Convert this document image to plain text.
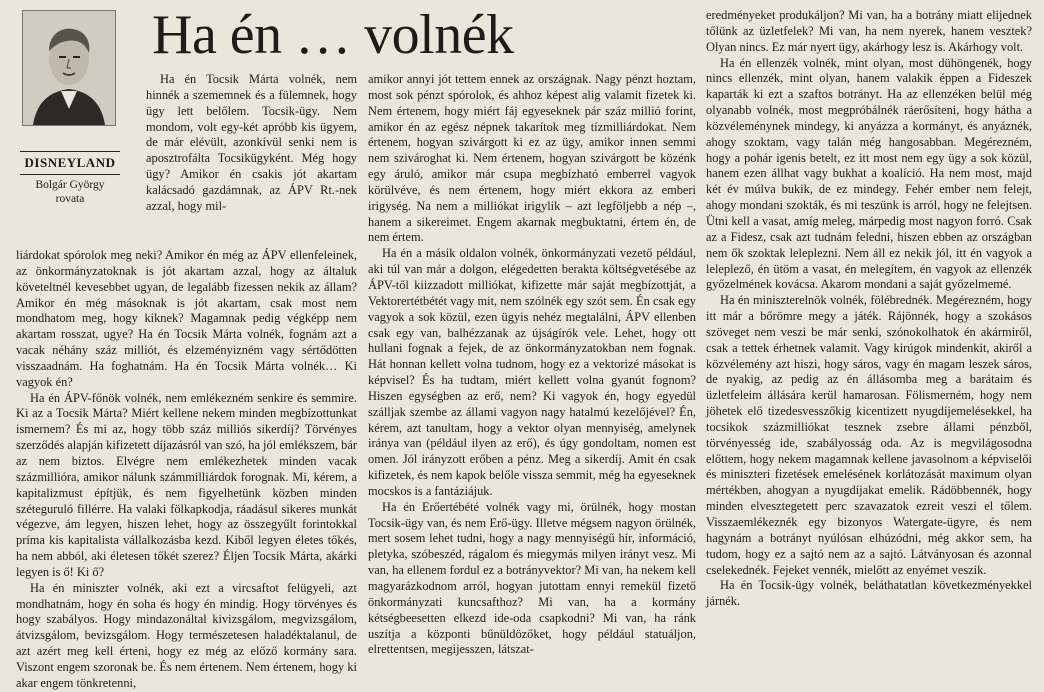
DISNEYLAND
Bolgár György
rovata
Ha én … volnék

Ha én Tocsik Márta volnék, nem hinnék a szememnek és a fülemnek, hogy ügy lett belőlem. Tocsik-ügy. Nem mondom, volt egy-két apróbb kis ügyem, de már elévült, azonkívül senki nem is aposztrofálta Tocsikügyként. Még hogy ügy? Amikor én csakis jót akartam kalácsadó gazdámnak, az ÁPV Rt.-nek azzal, hogy mil-

liárdokat spórolok meg neki? Amikor én még az ÁPV ellenfeleinek, az önkormányzatoknak is jót akartam azzal, hogy az általuk követeltnél kevesebbet ugyan, de legalább fizessen nekik az állam? Amikor én még másoknak is jót akartam, csak most nem mondhatom meg, hogy kiknek? Magamnak pedig végképp nem akartam rosszat, ugye? Ha én Tocsik Márta volnék, fognám azt a vacak néhány száz milliót, és elzeményizném vagy sértődötten visszaadnám. Ha foghatnám. Ha én Tocsik Márta volnék… Ki vagyok én?

Ha én ÁPV-főnök volnék, nem emlékezném senkire és semmire. Ki az a Tocsik Márta? Miért kellene nekem minden megbízottunkat ismernem? És mi az, hogy több száz milliós sikerdíj? Törvényes szerződés alapján kifizetett díjazásról van szó, ha jól emlékszem, bár az nem biztos. Elvégre nem emlékezhetek minden vacak százmillióra, amikor nálunk számmilliárdok forognak. Mi, kérem, a kapitalizmust építjük, és nem figyelhetünk közben minden széteguruló fillérre. Ha valaki fölkapkodja, ráadásul sikeres munkát végezve, ám legyen, hiszen lehet, hogy az összegyűlt forintokkal príma kis kapitalista vállalkozásba kezd. Kiből legyen életes tőkés, ha nem abból, aki életesen tőkét szerez? Éljen Tocsik Márta, akárki legyen is ő! Ki ő?

Ha én miniszter volnék, aki ezt a vircsaftot felügyeli, azt mondhatnám, hogy én soha és hogy én mindig. Hogy törvényes és hogy szabályos. Hogy mindazonáltal kivizsgálom, megvizsgálom, átvizsgálom, bevizsgálom. Hogy természetesen haladéktalanul, de azt azért meg kell érteni, hogy ez még az előző kormány sara. Viszont engem szoronak be. És nem értenem. Nem értenem, hogy ki akar engem tönkretenni,

amikor annyi jót tettem ennek az országnak. Nagy pénzt hoztam, most sok pénzt spórolok, és ahhoz képest alig valamit fizetek ki. Nem értenem, hogy miért fáj egyeseknek pár száz millió forint, amikor én az egész népnek takarítok meg tízmilliárdokat. Nem értenem, hogyan szivárgott ki ez az ügy, amikor innen semmi nem szivároghat ki. Nem értenem, hogyan szivárgott be közénk egy áruló, amikor már csupa megbízható emberrel vagyok körülvéve, és nem értenem, hogy miért ekkora az emberi irigység. Na nem a milliókat irigylik – azt legföljebb a nép –, hanem a sikereimet. Engem akarnak megbuktatni, értem én, de nem értem.

Ha én a másik oldalon volnék, önkormányzati vezető például, aki túl van már a dolgon, elégedetten berakta költségvetésébe az ÁPV-től kiizzadott milliókat, kifizette már saját megbízottját, a Vektorertétbétét vagy mit, nem szólnék egy szót sem. Én csak egy vagyok a sok közül, ezen ügyis nehéz megtalálni, ÁPV ellenben csak egy van, balhézzanak az újságírók vele. Lehet, hogy ott hullani fognak a fejek, de az önkormányzatokban nem fognak. Hát honnan kellett volna tudnom, hogy ez a vektorizé másokat is képvisel? És ha tudtam, miért kellett volna gyanút fognom? Hiszen egységben az erő, nem? Ki vagyok én, hogy egyedül szálljak szembe az állami vagyon nagy hatalmú kezelőjével? Én, kérem, azt tanultam, hogy a vektor olyan mennyiség, amelynek iránya van (például ilyen az erő), és úgy gondoltam, nomen est omen. Jól irányzott erőben a pénz. Meg a sikerdíj. Amit én csak kifizetek, és nem kapok belőle vissza semmit, még ha egyeseknek mocskos is a fantáziájuk.

Ha én Erőertébété volnék vagy mi, örülnék, hogy mostan Tocsik-ügy van, és nem Erő-ügy. Illetve mégsem nagyon örülnék, mert sosem lehet tudni, hogy a nagy mennyiségű hír, információ, pletyka, szóbeszéd, rágalom és miegymás milyen irányt vesz. Mi van, ha ellenem fordul ez a botrányvektor? Mi van, ha nekem kell magyarázkodnom arról, hogyan jutottam ennyi remekül fizető önkormányzati kuncsafthoz? Mi van, ha a kormány kétségbeesetten elkezd ide-oda csapkodni? Mi van, ha ránk uszítja a központi bűnüldözőket, hogy például statuáljon, elrettentsen, megijesszen, látszat-

eredményeket produkáljon? Mi van, ha a botrány miatt elijednek tőlünk az üzletfelek? Mi van, ha nem nyerek, hanem vesztek? Olyan nincs. Ez már nyert ügy, akárhogy lesz is. Akárhogy volt.

Ha én ellenzék volnék, mint olyan, most dühöngenék, hogy nincs ellenzék, mint olyan, hanem valakik éppen a Fideszek kaparták ki ezt a szaftos botrányt. Ha az ellenzéken belül még olyanabb volnék, most megpróbálnék ráerősíteni, hogy hátha a közvéleménynek mindegy, ki anyázza a kormányt, és anyáznék, ahogy szoktam, vagy talán még hangosabban. Megérezném, hogy a pohár igenis betelt, ez itt most nem egy ügy a sok közül, hanem ezen állhat vagy bukhat a koalíció. Ha nem most, majd két év múlva bukik, de ez mindegy. Fehér ember nem felejt, ahogy mondani szokták, és mi teszünk is arról, hogy ne felejtsen. Ütni kell a vasat, amíg meleg, márpedig most nagyon forró. Csak az a Fidesz, csak azt tudnám feledni, hiszen ebben az országban nem ők szoktak leleplezni. Nem áll ez nekik jól, itt én vagyok a leleplező, én ütöm a vasat, én melegítem, én vagyok az ellenzék győzelmének kovácsa. Akarom mondani a saját győzelmemé.

Ha én miniszterelnök volnék, fölébrednék. Megérezném, hogy itt már a bőrömre megy a játék. Rájönnék, hogy a szokásos szöveget nem veszi be már senki, szónokolhatok én akármiről, csak a tettek érhetnek valamit. Vagy kirúgok mindenkit, akiről a közvélemény azt hiszi, hogy sáros, vagy én magam leszek sáros, de nyakig, az pedig az én állásomba meg a barátaim és üzletfeleim állására kerül hamarosan. Fölismerném, hogy nem jöhetek elő tizedesvesszőkig kicentizett nyugdíjemelésekkel, ha tocsikok százmilliókat tesznek zsebre állami pénzből, törvényesség ide, szabályosság oda. Az is megvilágosodna előttem, hogy nekem magamnak kellene javasolnom a képviselői és miniszteri fizetések emelésének korlátozását maximum olyan mértékben, ahogyan a nyugdíjakat emelik. Rádöbbennék, hogy minden elvesztegetett perc szavazatok ezreit veszi el tőlem. Visszaemlékeznék egy bizonyos Watergate-ügyre, és nem hagynám a botrányt nyúlósan elhúzódni, még akkor sem, ha tudom, hogy ez a sajtó nem az a sajtó. Látványosan és azonnal cselekednék. Fejeket vennék, mielőtt az enyémet veszik.

Ha én Tocsik-ügy volnék, beláthatatlan következményekkel járnék.
